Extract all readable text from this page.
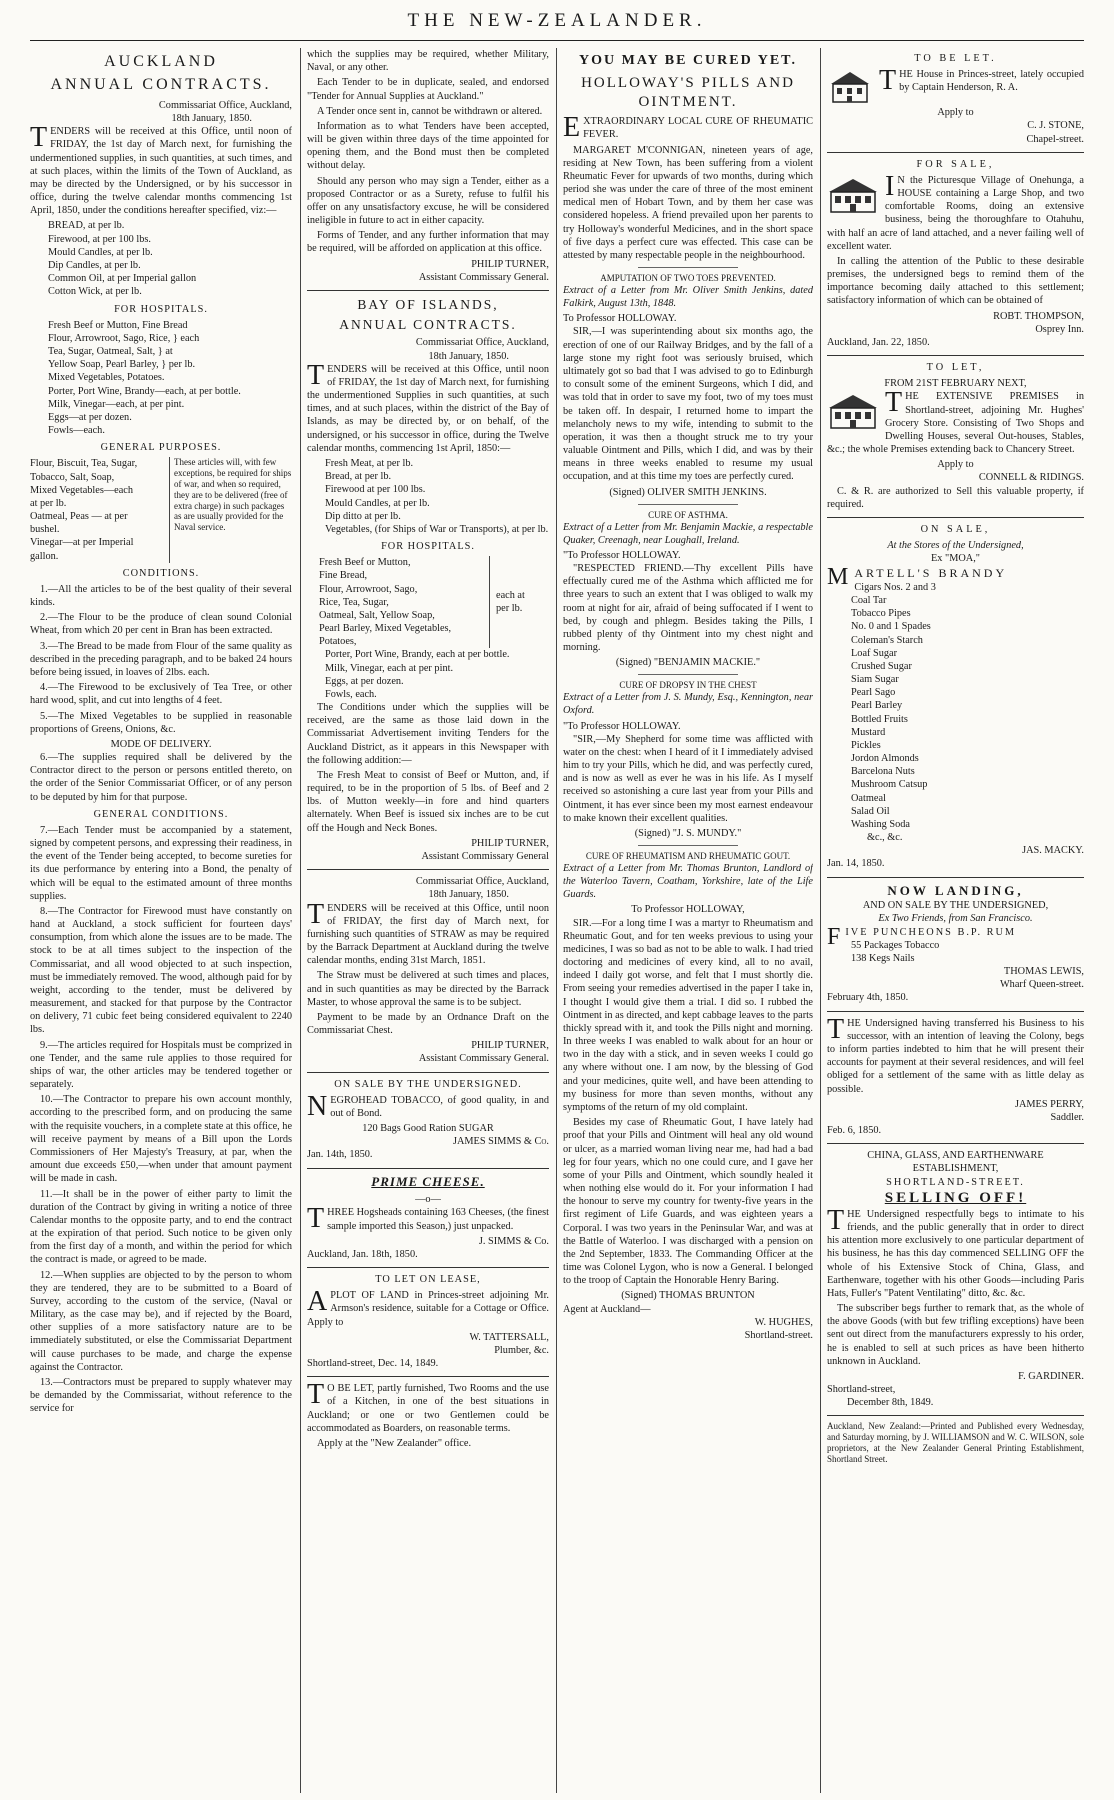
THE NEW-ZEALANDER.
AUCKLAND
ANNUAL CONTRACTS.
Commissariat Office, Auckland,
18th January, 1850.

TENDERS will be received at this Office, until noon of FRIDAY, the 1st day of March next, for furnishing the undermentioned supplies, in such quantities, at such times, and at such places, within the limits of the Town of Auckland, as may be directed by the Undersigned, or by his successor in office, during the twelve calendar months commencing 1st April, 1850, under the conditions hereafter specified, viz:—

BREAD, at per lb.
Firewood, at per 100 lbs.
Mould Candles, at per lb.
Dip Candles, at per lb.
Common Oil, at per Imperial gallon
Cotton Wick, at per lb.
FOR HOSPITALS.
Fresh Beef or Mutton, Fine Bread
Flour, Arrowroot, Sago, Rice, } each
Tea, Sugar, Oatmeal, Salt, } at
Yellow Soap, Pearl Barley, } per lb.
Mixed Vegetables, Potatoes.
Porter, Port Wine, Brandy—each, at per bottle.
Milk, Vinegar—each, at per pint.
Eggs—at per dozen.
Fowls—each.
GENERAL PURPOSES.
Flour, Biscuit, Tea, Sugar,
Tobacco, Salt, Soap,
Mixed Vegetables—each
at per lb.
Oatmeal, Peas — at per
bushel.
Vinegar—at per Imperial
gallon.
These articles will, with few exceptions, be required for ships of war, and when so required, they are to be delivered (free of extra charge) in such packages as are usually provided for the Naval service.
CONDITIONS.

1.—All the articles to be of the best quality of their several kinds.

2.—The Flour to be the produce of clean sound Colonial Wheat, from which 20 per cent in Bran has been extracted.

3.—The Bread to be made from Flour of the same quality as described in the preceding paragraph, and to be baked 24 hours before being issued, in loaves of 2lbs. each.

4.—The Firewood to be exclusively of Tea Tree, or other hard wood, split, and cut into lengths of 4 feet.

5.—The Mixed Vegetables to be supplied in reasonable proportions of Greens, Onions, &c.

MODE OF DELIVERY.

6.—The supplies required shall be delivered by the Contractor direct to the person or persons entitled thereto, on the order of the Senior Commissariat Officer, or of any person to be deputed by him for that purpose.

GENERAL CONDITIONS.

7.—Each Tender must be accompanied by a statement, signed by competent persons, and expressing their readiness, in the event of the Tender being accepted, to become sureties for its due performance by entering into a Bond, the penalty of which will be equal to the estimated amount of three months supplies.

8.—The Contractor for Firewood must have constantly on hand at Auckland, a stock sufficient for fourteen days' consumption, from which alone the issues are to be made. The stock to be at all times subject to the inspection of the Commissariat, and all wood objected to at such inspection, must be immediately removed. The wood, although paid for by weight, according to the tender, must be delivered by measurement, and stacked for that purpose by the Contractor on delivery, 71 cubic feet being considered equivalent to 2240 lbs.

9.—The articles required for Hospitals must be comprized in one Tender, and the same rule applies to those required for ships of war, the other articles may be tendered together or separately.

10.—The Contractor to prepare his own account monthly, according to the prescribed form, and on producing the same with the requisite vouchers, in a complete state at this office, he will receive payment by means of a Bill upon the Lords Commissioners of Her Majesty's Treasury, at par, when the amount due exceeds £50,—when under that amount payment will be made in cash.

11.—It shall be in the power of either party to limit the duration of the Contract by giving in writing a notice of three Calendar months to the opposite party, and to end the contract at the expiration of that period. Such notice to be given only from the first day of a month, and within the period for which the contract is made, or agreed to be made.

12.—When supplies are objected to by the person to whom they are tendered, they are to be submitted to a Board of Survey, according to the custom of the service, (Naval or Military, as the case may be), and if rejected by the Board, other supplies of a more satisfactory nature are to be immediately substituted, or else the Commissariat Department will cause purchases to be made, and charge the expense against the Contractor.

13.—Contractors must be prepared to supply whatever may be demanded by the Commissariat, without reference to the service for

which the supplies may be required, whether Military, Naval, or any other.

Each Tender to be in duplicate, sealed, and endorsed "Tender for Annual Supplies at Auckland."

A Tender once sent in, cannot be withdrawn or altered.

Information as to what Tenders have been accepted, will be given within three days of the time appointed for opening them, and the Bond must then be completed without delay.

Should any person who may sign a Tender, either as a proposed Contractor or as a Surety, refuse to fulfil his offer on any unsatisfactory excuse, he will be considered ineligible in future to act in either capacity.

Forms of Tender, and any further information that may be required, will be afforded on application at this office.

PHILIP TURNER,
Assistant Commissary General.
BAY OF ISLANDS,
ANNUAL CONTRACTS.
Commissariat Office, Auckland,
18th January, 1850.

TENDERS will be received at this Office, until noon of FRIDAY, the 1st day of March next, for furnishing the undermentioned Supplies in such quantities, at such times, and at such places, within the district of the Bay of Islands, as may be directed by, or on behalf, of the undersigned, or his successor in office, during the Twelve calendar months, commencing 1st April, 1850:—

Fresh Meat, at per lb.
Bread, at per lb.
Firewood at per 100 lbs.
Mould Candles, at per lb.
Dip ditto at per lb.
Vegetables, (for Ships of War or Transports), at per lb.
FOR HOSPITALS.
Fresh Beef or Mutton,
Fine Bread,
Flour, Arrowroot, Sago,
Rice, Tea, Sugar,
Oatmeal, Salt, Yellow Soap,
Pearl Barley, Mixed Vegetables,
Potatoes,
each at
per lb.
Porter, Port Wine, Brandy, each at per bottle.
Milk, Vinegar, each at per pint.
Eggs, at per dozen.
Fowls, each.

The Conditions under which the supplies will be received, are the same as those laid down in the Commissariat Advertisement inviting Tenders for the Auckland District, as it appears in this Newspaper with the following addition:—

The Fresh Meat to consist of Beef or Mutton, and, if required, to be in the proportion of 5 lbs. of Beef and 2 lbs. of Mutton weekly—in fore and hind quarters alternately. When Beef is issued six inches are to be cut off the Hough and Neck Bones.

PHILIP TURNER,
Assistant Commissary General
Commissariat Office, Auckland,
18th January, 1850.

TENDERS will be received at this Office, until noon of FRIDAY, the first day of March next, for furnishing such quantities of STRAW as may be required by the Barrack Department at Auckland during the twelve calendar months, ending 31st March, 1851.

The Straw must be delivered at such times and places, and in such quantities as may be directed by the Barrack Master, to whose approval the same is to be subject.

Payment to be made by an Ordnance Draft on the Commissariat Chest.

PHILIP TURNER,
Assistant Commissary General.
ON SALE BY THE UNDERSIGNED.

NEGROHEAD TOBACCO, of good quality, in and out of Bond.

120 Bags Good Ration SUGAR
JAMES SIMMS & Co.
Jan. 14th, 1850.
PRIME CHEESE.
—o—

THREE Hogsheads containing 163 Cheeses, (the finest sample imported this Season,) just unpacked.

J. SIMMS & Co.
Auckland, Jan. 18th, 1850.
TO LET ON LEASE,

APLOT OF LAND in Princes-street adjoining Mr. Armson's residence, suitable for a Cottage or Office. Apply to

W. TATTERSALL,
Plumber, &c.
Shortland-street, Dec. 14, 1849.

T O BE LET, partly furnished, Two Rooms and the use of a Kitchen, in one of the best situations in Auckland; or one or two Gentlemen could be accommodated as Boarders, on reasonable terms.

Apply at the "New Zealander" office.
YOU MAY BE CURED YET.
HOLLOWAY'S PILLS AND OINTMENT.

EXTRAORDINARY LOCAL CURE OF RHEUMATIC FEVER.

MARGARET M'CONNIGAN, nineteen years of age, residing at New Town, has been suffering from a violent Rheumatic Fever for upwards of two months, during which period she was under the care of three of the most eminent medical men of Hobart Town, and by them her case was considered hopeless. A friend prevailed upon her parents to try Holloway's wonderful Medicines, and in the short space of five days a perfect cure was effected. This case can be attested by many respectable people in the neighbourhood.

AMPUTATION OF TWO TOES PREVENTED.

Extract of a Letter from Mr. Oliver Smith Jenkins, dated Falkirk, August 13th, 1848.

To Professor HOLLOWAY.

SIR,—I was superintending about six months ago, the erection of one of our Railway Bridges, and by the fall of a large stone my right foot was seriously bruised, which ultimately got so bad that I was advised to go to Edinburgh to consult some of the eminent Surgeons, which I did, and was told that in order to save my foot, two of my toes must be taken off. In despair, I returned home to impart the melancholy news to my wife, intending to submit to the operation, it was then a thought struck me to try your valuable Ointment and Pills, which I did, and was by their means in three weeks enabled to resume my usual occupation, and at this time my toes are perfectly cured.

(Signed) OLIVER SMITH JENKINS.
CURE OF ASTHMA.

Extract of a Letter from Mr. Benjamin Mackie, a respectable Quaker, Creenagh, near Loughall, Ireland.

"To Professor HOLLOWAY.

"RESPECTED FRIEND.—Thy excellent Pills have effectually cured me of the Asthma which afflicted me for three years to such an extent that I was obliged to walk my room at night for air, afraid of being suffocated if I went to bed, by cough and phlegm. Besides taking the Pills, I rubbed plenty of thy Ointment into my chest night and morning.

(Signed) "BENJAMIN MACKIE."
CURE OF DROPSY IN THE CHEST

Extract of a Letter from J. S. Mundy, Esq., Kennington, near Oxford.

"To Professor HOLLOWAY.

"SIR,—My Shepherd for some time was afflicted with water on the chest: when I heard of it I immediately advised him to try your Pills, which he did, and was perfectly cured, and is now as well as ever he was in his life. As I myself received so astonishing a cure last year from your Pills and Ointment, it has ever since been my most earnest endeavour to make known their excellent qualities.

(Signed) "J. S. MUNDY."
CURE OF RHEUMATISM AND RHEUMATIC GOUT.

Extract of a Letter from Mr. Thomas Brunton, Landlord of the Waterloo Tavern, Coatham, Yorkshire, late of the Life Guards.

To Professor HOLLOWAY,

SIR.—For a long time I was a martyr to Rheumatism and Rheumatic Gout, and for ten weeks previous to using your medicines, I was so bad as not to be able to walk. I had tried doctoring and medicines of every kind, all to no avail, indeed I daily got worse, and felt that I must shortly die. From seeing your remedies advertised in the paper I take in, I thought I would give them a trial. I did so. I rubbed the Ointment in as directed, and kept cabbage leaves to the parts thickly spread with it, and took the Pills night and morning. In three weeks I was enabled to walk about for an hour or two in the day with a stick, and in seven weeks I could go any where without one. I am now, by the blessing of God and your medicines, quite well, and have been attending to my business for more than seven months, without any symptoms of the return of my old complaint.

Besides my case of Rheumatic Gout, I have lately had proof that your Pills and Ointment will heal any old wound or ulcer, as a married woman living near me, had had a bad leg for four years, which no one could cure, and I gave her some of your Pills and Ointment, which soundly healed it when nothing else would do it. For your information I had the honour to serve my country for twenty-five years in the first regiment of Life Guards, and was eighteen years a Corporal. I was two years in the Peninsular War, and was at the Battle of Waterloo. I was discharged with a pension on the 2nd September, 1833. The Commanding Officer at the time was Colonel Lygon, who is now a General. I belonged to the troop of Captain the Honorable Henry Baring.

(Signed) THOMAS BRUNTON
Agent at Auckland—
W. HUGHES,
Shortland-street.
TO BE LET.

THE House in Princes-street, lately occupied by Captain Henderson, R. A.

Apply to
C. J. STONE,
Chapel-street.
FOR SALE,

I N the Picturesque Village of Onehunga, a HOUSE containing a Large Shop, and two comfortable Rooms, doing an extensive business, being the thoroughfare to Otahuhu, with half an acre of land attached, and a never failing well of excellent water.

In calling the attention of the Public to these desirable premises, the undersigned begs to remind them of the importance becoming daily attached to this settlement; satisfactory information of which can be obtained of

ROBT. THOMPSON,
Osprey Inn.
Auckland, Jan. 22, 1850.
TO LET,
FROM 21ST FEBRUARY NEXT,

THE EXTENSIVE PREMISES in Shortland-street, adjoining Mr. Hughes' Grocery Store. Consisting of Two Shops and Dwelling Houses, several Out-houses, Stables, &c.; the whole Premises extending back to Chancery Street.

Apply to
CONNELL & RIDINGS.

C. & R. are authorized to Sell this valuable property, if required.

ON SALE,
At the Stores of the Undersigned,
Ex "MOA,"
MARTELL'S BRANDY
Cigars Nos. 2 and 3
Coal Tar
Tobacco Pipes
No. 0 and 1 Spades
Coleman's Starch
Loaf Sugar
Crushed Sugar
Siam Sugar
Pearl Sago
Pearl Barley
Bottled Fruits
Mustard
Pickles
Jordon Almonds
Barcelona Nuts
Mushroom Catsup
Oatmeal
Salad Oil
Washing Soda
&c., &c.
JAS. MACKY.
Jan. 14, 1850.
NOW LANDING,
AND ON SALE BY THE UNDERSIGNED,
Ex Two Friends, from San Francisco.
FIVE PUNCHEONS B.P. RUM
55 Packages Tobacco
138 Kegs Nails
THOMAS LEWIS,
Wharf Queen-street.
February 4th, 1850.

THE Undersigned having transferred his Business to his successor, with an intention of leaving the Colony, begs to inform parties indebted to him that he will present their accounts for payment at their several residences, and will feel obliged for a settlement of the same with as little delay as possible.

JAMES PERRY,
Saddler.
Feb. 6, 1850.
CHINA, GLASS, AND EARTHENWARE ESTABLISHMENT,
SHORTLAND-STREET.
SELLING OFF!

THE Undersigned respectfully begs to intimate to his friends, and the public generally that in order to direct his attention more exclusively to one particular department of his business, he has this day commenced SELLING OFF the whole of his Extensive Stock of China, Glass, and Earthenware, together with his other Goods—including Paris Hats, Fuller's "Patent Ventilating" ditto, &c. &c.

The subscriber begs further to remark that, as the whole of the above Goods (with but few trifling exceptions) have been sent out direct from the manufacturers expressly to his order, he is enabled to sell at such prices as have been hitherto unknown in Auckland.

F. GARDINER.
Shortland-street,
December 8th, 1849.

Auckland, New Zealand:—Printed and Published every Wednesday, and Saturday morning, by J. WILLIAMSON and W. C. WILSON, sole proprietors, at the New Zealander General Printing Establishment, Shortland Street.
